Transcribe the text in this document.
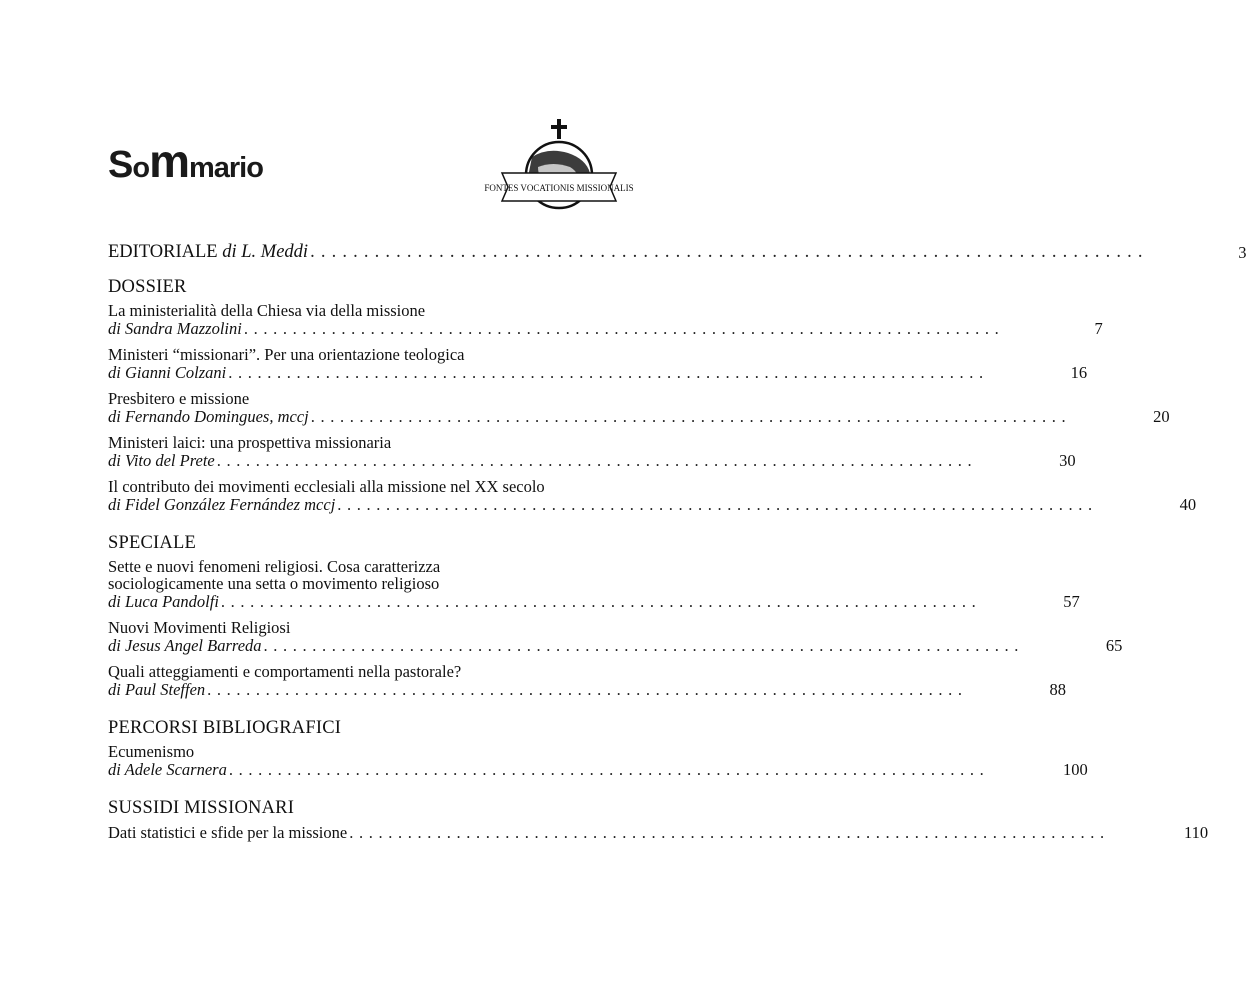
Sommario
FONTES VOCATIONIS MISSIONALIS
EDITORIALE di L. Meddi . . .	3
DOSSIER
La ministerialità della Chiesa via della missione
di Sandra Mazzolini . . .	7
Ministeri “missionari”. Per una orientazione teologica
di Gianni Colzani . . .	16
Presbitero e missione
di Fernando Domingues, mccj . . .	20
Ministeri laici: una prospettiva missionaria
di Vito del Prete . . .	30
Il contributo dei movimenti ecclesiali alla missione nel XX secolo
di Fidel González Fernández mccj . . .	40
SPECIALE
Sette e nuovi fenomeni religiosi. Cosa caratterizza sociologicamente una setta o movimento religioso
di Luca Pandolfi . . .	57
Nuovi Movimenti Religiosi
di Jesus Angel Barreda . . .	65
Quali atteggiamenti e comportamenti nella pastorale?
di Paul Steffen . . .	88
PERCORSI BIBLIOGRAFICI
Ecumenismo
di Adele Scarnera . . .	100
SUSSIDI MISSIONARI
Dati statistici e sfide per la missione . . .	110
